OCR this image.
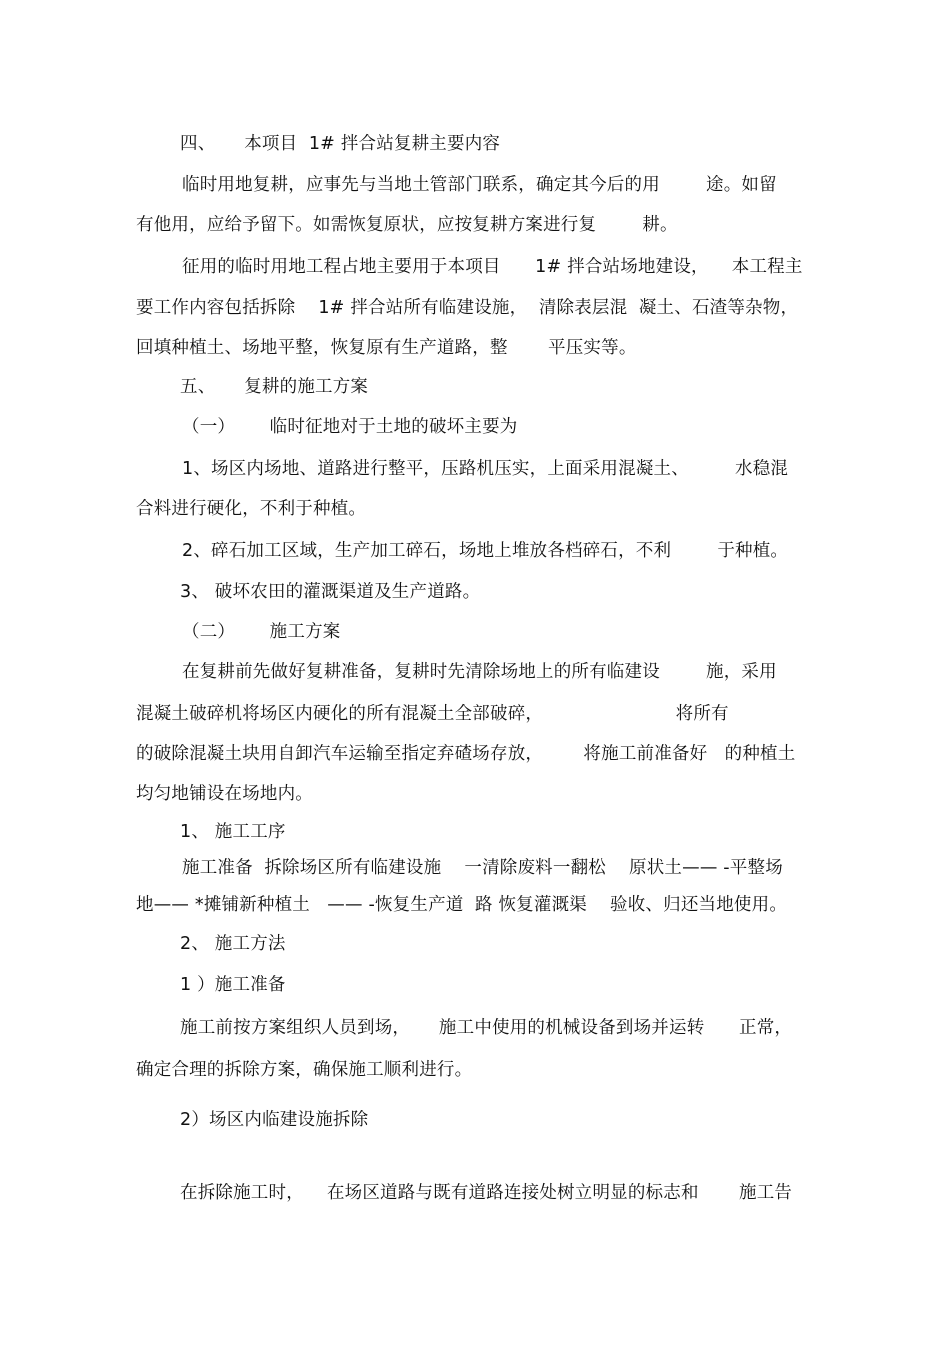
四、     本项目  1# 拌合站复耕主要内容
临时用地复耕，应事先与当地土管部门联系，确定其今后的用        途。如留
有他用，应给予留下。如需恢复原状，应按复耕方案进行复        耕。
征用的临时用地工程占地主要用于本项目      1# 拌合站场地建设，    本工程主
要工作内容包括拆除    1# 拌合站所有临建设施，  清除表层混  凝土、石渣等杂物，
回填种植土、场地平整，恢复原有生产道路，整       平压实等。
五、     复耕的施工方案
（一）      临时征地对于土地的破坏主要为
1、场区内场地、道路进行整平，压路机压实，上面采用混凝土、        水稳混
合料进行硬化，不利于种植。
2、碎石加工区域，生产加工碎石，场地上堆放各档碎石，不利        于种植。
3、 破坏农田的灌溉渠道及生产道路。
（二）      施工方案
在复耕前先做好复耕准备，复耕时先清除场地上的所有临建设        施，采用
混凝土破碎机将场区内硬化的所有混凝土全部破碎，                       将所有
的破除混凝土块用自卸汽车运输至指定弃碴场存放，       将施工前准备好   的种植土
均匀地铺设在场地内。
1、 施工工序
施工准备  拆除场区所有临建设施    一清除废料一翻松    原状土—— -平整场
地—— *摊铺新种植土   —— -恢复生产道  路 恢复灌溉渠    验收、归还当地使用。
2、 施工方法
1 ）施工准备
施工前按方案组织人员到场，     施工中使用的机械设备到场并运转      正常，
确定合理的拆除方案，确保施工顺利进行。
2）场区内临建设施拆除
在拆除施工时，    在场区道路与既有道路连接处树立明显的标志和       施工告
